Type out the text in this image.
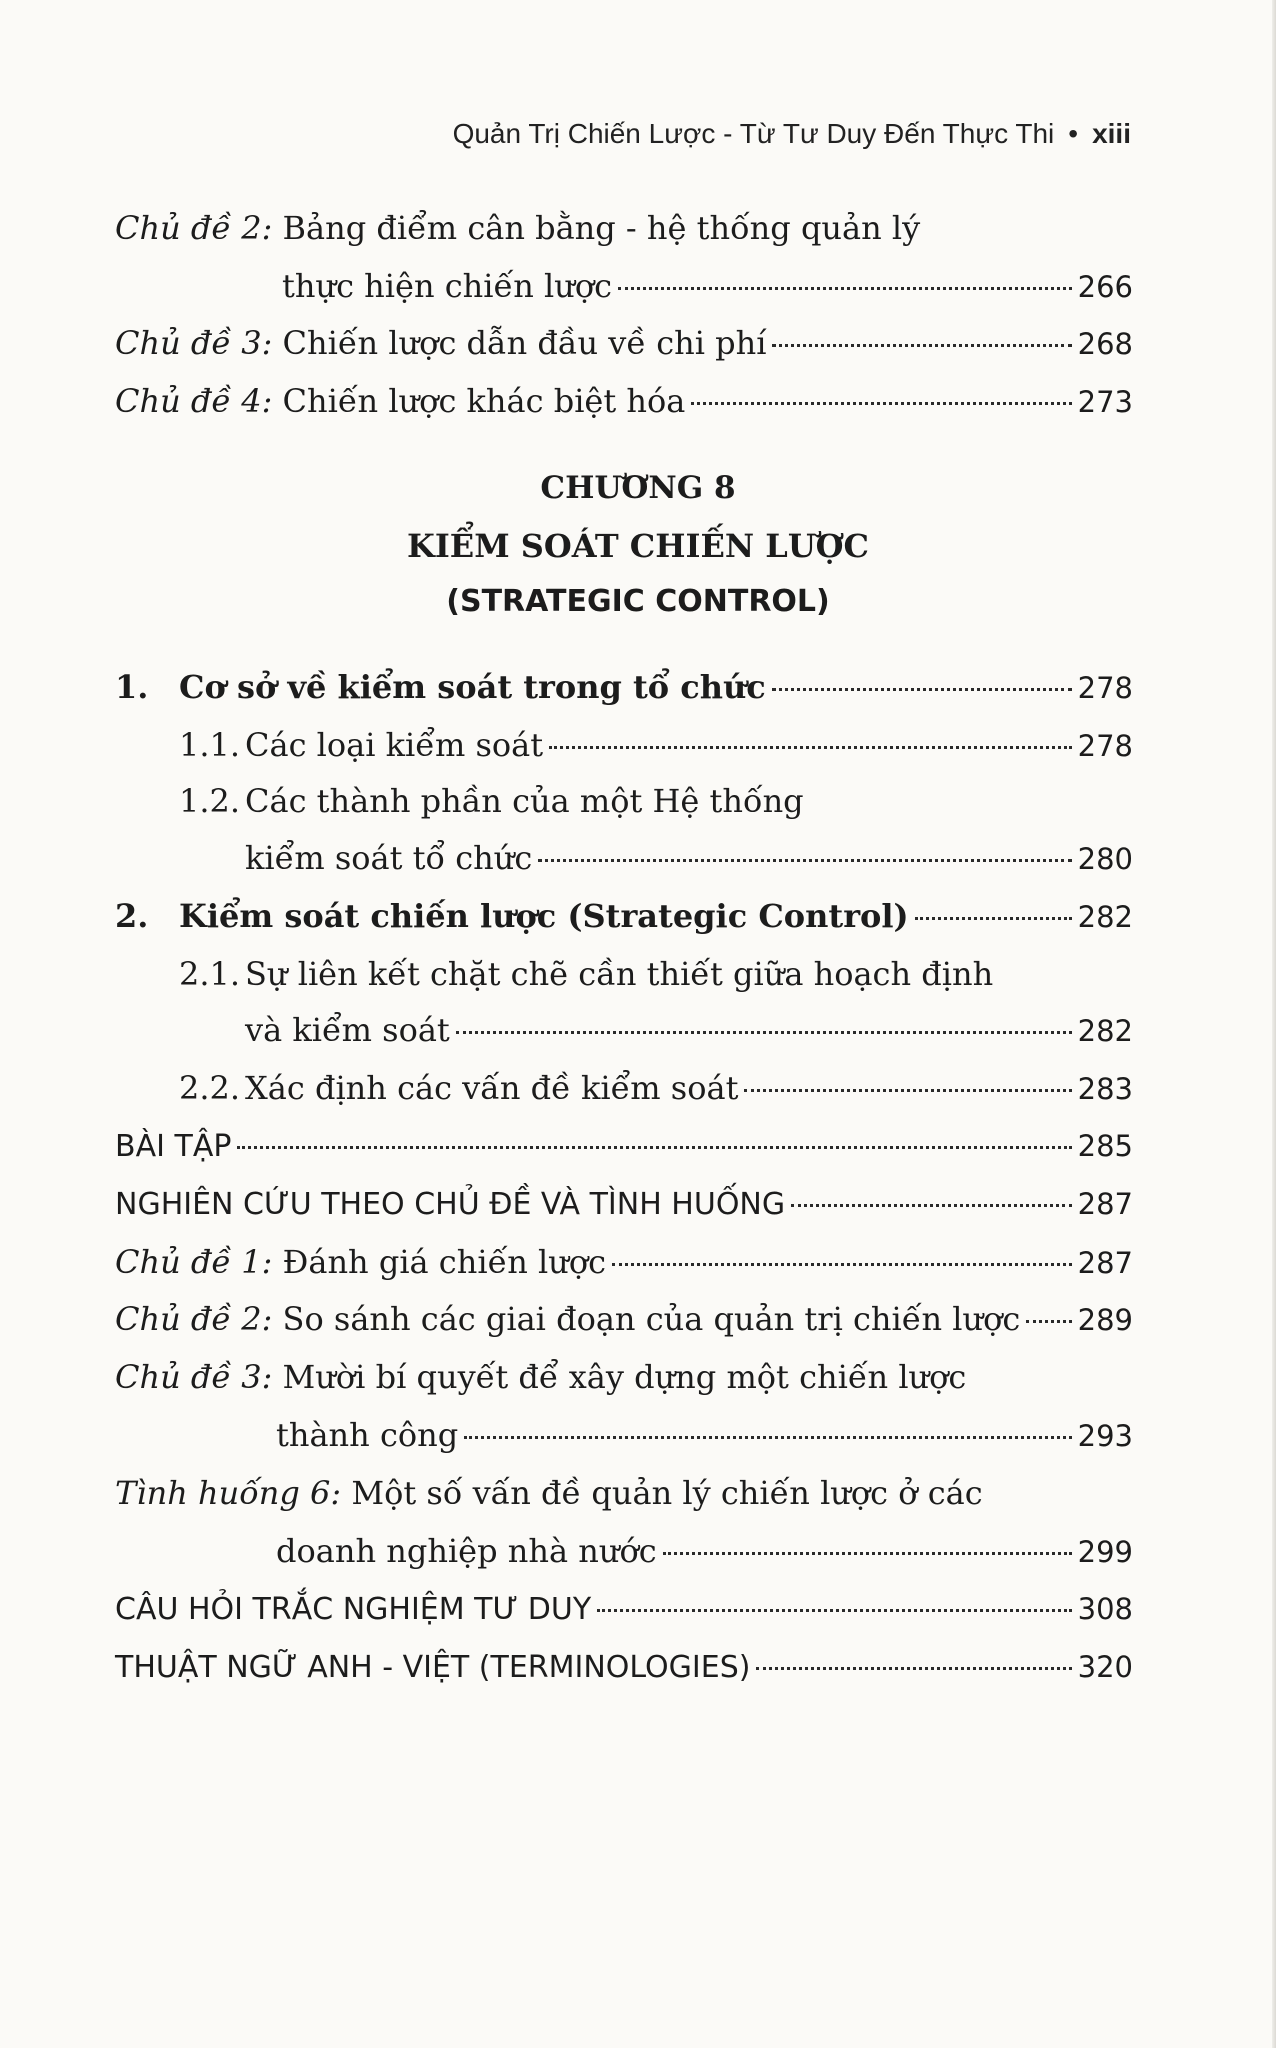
Quản Trị Chiến Lược - Từ Tư Duy Đến Thực Thi • xiii
Chủ đề 2: Bảng điểm cân bằng - hệ thống quản lý
thực hiện chiến lược	266
Chủ đề 3: Chiến lược dẫn đầu về chi phí	268
Chủ đề 4: Chiến lược khác biệt hóa	273
CHƯƠNG 8
KIỂM SOÁT CHIẾN LƯỢC
(STRATEGIC CONTROL)
1. Cơ sở về kiểm soát trong tổ chức	278
1.1. Các loại kiểm soát	278
1.2. Các thành phần của một Hệ thống
kiểm soát tổ chức	280
2. Kiểm soát chiến lược (Strategic Control)	282
2.1. Sự liên kết chặt chẽ cần thiết giữa hoạch định
và kiểm soát	282
2.2. Xác định các vấn đề kiểm soát	283
BÀI TẬP	285
NGHIÊN CỨU THEO CHỦ ĐỀ VÀ TÌNH HUỐNG	287
Chủ đề 1: Đánh giá chiến lược	287
Chủ đề 2: So sánh các giai đoạn của quản trị chiến lược 289
Chủ đề 3: Mười bí quyết để xây dựng một chiến lược
thành công	293
Tình huống 6: Một số vấn đề quản lý chiến lược ở các
doanh nghiệp nhà nước	299
CÂU HỎI TRẮC NGHIỆM TƯ DUY	308
THUẬT NGỮ ANH - VIỆT (TERMINOLOGIES)	320
